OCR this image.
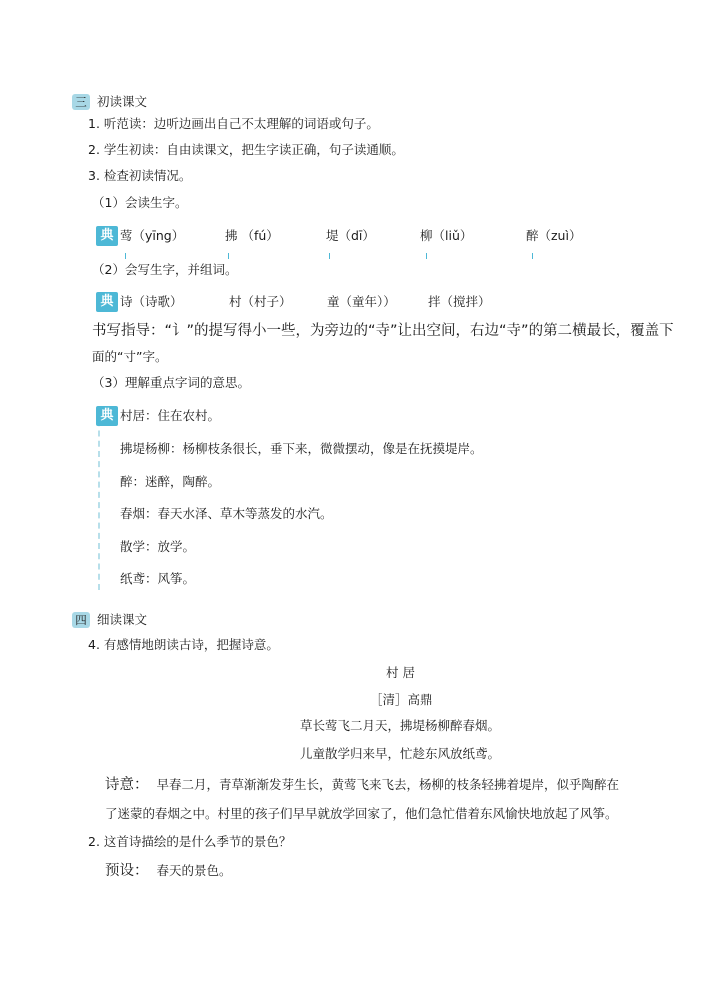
三 初读课文
1. 听范读：边听边画出自己不太理解的词语或句子。
2. 学生初读：自由读课文，把生字读正确，句子读通顺。
3. 检查初读情况。
（1）会读生字。
典 莺（yīng）	拂 （fú）	堤（dī）	柳（liǔ）	醉（zuì）
（2）会写生字，并组词。
典 诗（诗歌）	村（村子）	童（童年））	拌（搅拌）
书写指导：“讠”的提写得小一些，为旁边的“寺”让出空间，右边“寺”的第二横最长，覆盖下
面的“寸”字。
（3）理解重点字词的意思。
典 村居：住在农村。
拂堤杨柳：杨柳枝条很长，垂下来，微微摆动，像是在抚摸堤岸。
醉：迷醉，陶醉。
春烟：春天水泽、草木等蒸发的水汽。
散学：放学。
纸鸢：风筝。
四 细读课文
4. 有感情地朗读古诗，把握诗意。
村 居
［清］高鼎
草长莺飞二月天，拂堤杨柳醉春烟。
儿童散学归来早，忙趁东风放纸鸢。
诗意： 早春二月，青草渐渐发芽生长，黄莺飞来飞去，杨柳的枝条轻拂着堤岸，似乎陶醉在
了迷蒙的春烟之中。村里的孩子们早早就放学回家了，他们急忙借着东风愉快地放起了风筝。
2. 这首诗描绘的是什么季节的景色？
预设： 春天的景色。
